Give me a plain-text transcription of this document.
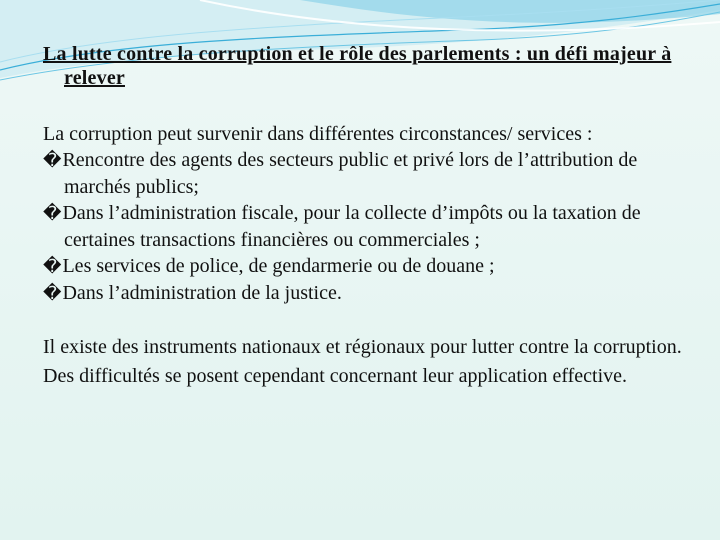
La lutte contre la corruption et le rôle des parlements : un défi majeur à relever
La corruption peut survenir dans différentes circonstances/ services :
�Rencontre des agents des secteurs public et privé lors de l’attribution de marchés publics;
�Dans l’administration fiscale, pour la collecte d’impôts ou la taxation de certaines transactions financières ou commerciales ;
�Les services de police, de gendarmerie ou de douane ;
�Dans l’administration de la justice.
Il existe des instruments nationaux et régionaux pour lutter contre la corruption. Des difficultés se posent cependant concernant leur application effective.
